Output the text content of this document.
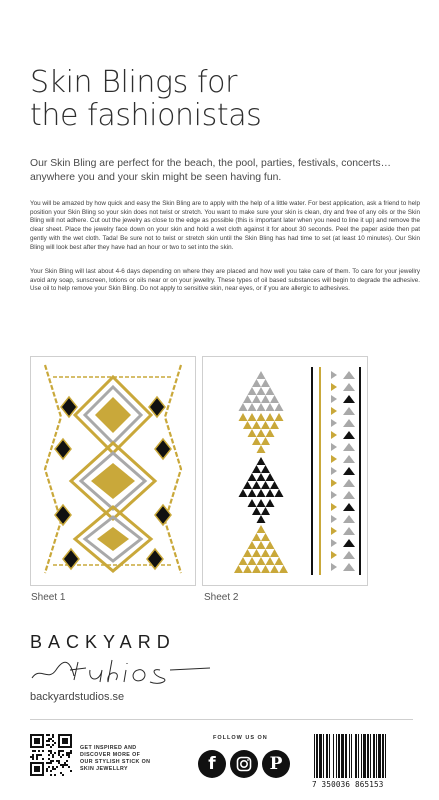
Skin Blings for
the fashionistas
Our Skin Bling are perfect for the beach, the pool, parties, festivals, concerts… anywhere you and your skin might be seen having fun.
You will be amazed by how quick and easy the Skin Bling are to apply with the help of a little water. For best application, ask a friend to help position your Skin Bling so your skin does not twist or stretch. You want to make sure your skin is clean, dry and free of any oils or the Skin Bling will not adhere. Cut out the jewelry as close to the edge as possible (this is important later when you need to line it up) and remove the clear sheet. Place the jewelry face down on your skin and hold a wet cloth against it for about 30 seconds. Peel the paper aside then pat gently with the wet cloth. Tada! Be sure not to twist or stretch skin until the Skin Bling has had time to set (at least 10 minutes). Our Skin Bling will look best after they have had an hour or two to set into the skin.
Your Skin Bling will last about 4-6 days depending on where they are placed and how well you take care of them. To care for your jewellry avoid any soap, sunscreen, lotions or oils near or on your jewellry. These types of oil based substances will begin to degrade the adhesive. Use oil to help remove your Skin Bling. Do not apply to sensitive skin, near eyes, or if you are allergic to adhesives.
Sheet 1	Sheet 2
BACKYARD
backyardstudios.se
GET INSPIRED AND DISCOVER MORE OF OUR STYLISH STICK ON SKIN JEWELLRY
FOLLOW US ON
f	P
7 350036 865153
